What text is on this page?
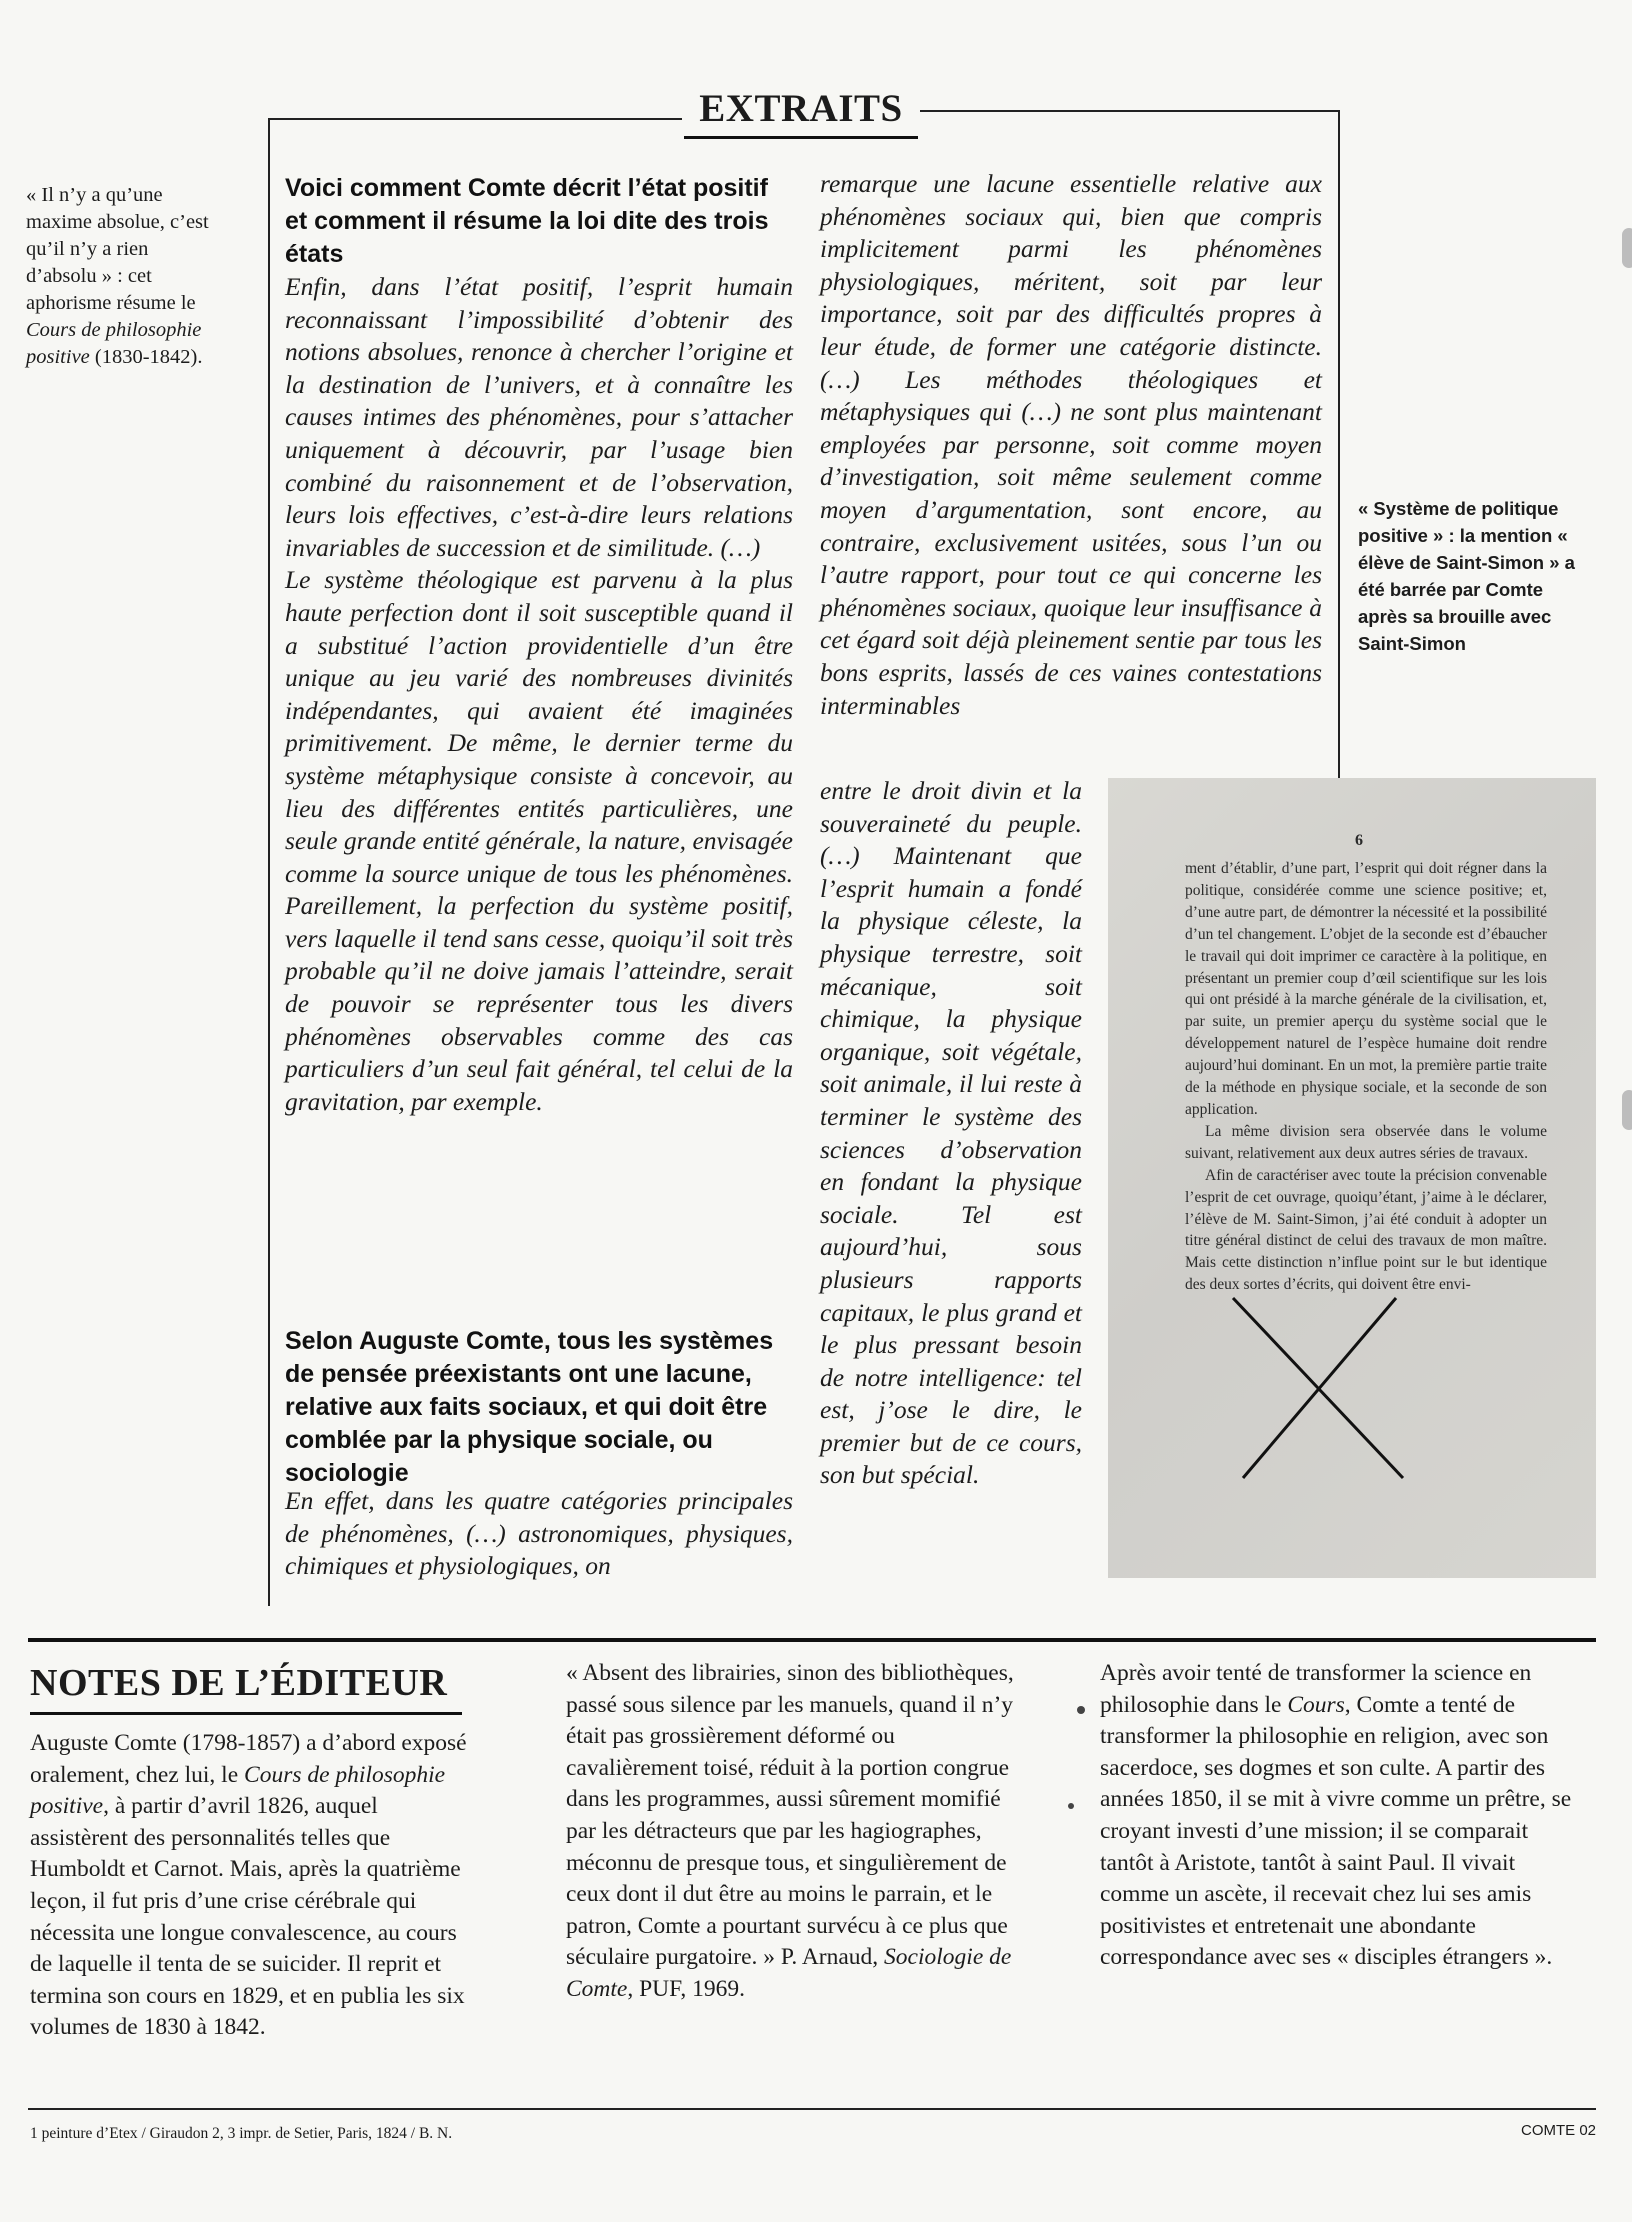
EXTRAITS
« Il n’y a qu’une
maxime absolue, c’est
qu’il n’y a rien
d’absolu » : cet
aphorisme résume le
Cours de philosophie positive (1830-1842).
« Système de politique positive » : la mention « élève de Saint-Simon » a été barrée par Comte après sa brouille avec Saint-Simon
Voici comment Comte décrit l’état positif et comment il résume la loi dite des trois états
Enfin, dans l’état positif, l’esprit humain reconnaissant l’impossibilité d’obtenir des notions absolues, renonce à chercher l’origine et la destination de l’univers, et à connaître les causes intimes des phénomènes, pour s’attacher uniquement à découvrir, par l’usage bien combiné du raisonnement et de l’observation, leurs lois effectives, c’est-à-dire leurs relations invariables de succession et de similitude. (…)
Le système théologique est parvenu à la plus haute perfection dont il soit susceptible quand il a substitué l’action providentielle d’un être unique au jeu varié des nombreuses divinités indépendantes, qui avaient été imaginées primitivement. De même, le dernier terme du système métaphysique consiste à concevoir, au lieu des différentes entités particulières, une seule grande entité générale, la nature, envisagée comme la source unique de tous les phénomènes. Pareillement, la perfection du système positif, vers laquelle il tend sans cesse, quoiqu’il soit très probable qu’il ne doive jamais l’atteindre, serait de pouvoir se représenter tous les divers phénomènes observables comme des cas particuliers d’un seul fait général, tel celui de la gravitation, par exemple.
Selon Auguste Comte, tous les systèmes de pensée préexistants ont une lacune, relative aux faits sociaux, et qui doit être comblée par la physique sociale, ou sociologie
En effet, dans les quatre catégories principales de phénomènes, (…) astronomiques, physiques, chimiques et physiologiques, on
remarque une lacune essentielle relative aux phénomènes sociaux qui, bien que compris implicitement parmi les phénomènes physiologiques, méritent, soit par leur importance, soit par des difficultés propres à leur étude, de former une catégorie distincte. (…) Les méthodes théologiques et métaphysiques qui (…) ne sont plus maintenant employées par personne, soit comme moyen d’investigation, soit même seulement comme moyen d’argumentation, sont encore, au contraire, exclusivement usitées, sous l’un ou l’autre rapport, pour tout ce qui concerne les phénomènes sociaux, quoique leur insuffisance à cet égard soit déjà pleinement sentie par tous les bons esprits, lassés de ces vaines contestations interminables
entre le droit divin et la souveraineté du peuple. (…) Maintenant que l’esprit humain a fondé la physique céleste, la physique terrestre, soit mécanique, soit chimique, la physique organique, soit végétale, soit animale, il lui reste à terminer le système des sciences d’observation en fondant la physique sociale. Tel est aujourd’hui, sous plusieurs rapports capitaux, le plus grand et le plus pressant besoin de notre intelligence: tel est, j’ose le dire, le premier but de ce cours, son but spécial.
6
ment d’établir, d’une part, l’esprit qui doit régner dans la politique, considérée comme une science positive; et, d’une autre part, de démontrer la nécessité et la possibilité d’un tel changement. L’objet de la seconde est d’ébaucher le travail qui doit imprimer ce caractère à la politique, en présentant un premier coup d’œil scientifique sur les lois qui ont présidé à la marche générale de la civilisation, et, par suite, un premier aperçu du système social que le développement naturel de l’espèce humaine doit rendre aujourd’hui dominant. En un mot, la première partie traite de la méthode en physique sociale, et la seconde de son application.
La même division sera observée dans le volume suivant, relativement aux deux autres séries de travaux.
Afin de caractériser avec toute la précision convenable l’esprit de cet ouvrage, quoiqu’étant, j’aime à le déclarer, l’élève de M. Saint-Simon, j’ai été conduit à adopter un titre général distinct de celui des travaux de mon maître. Mais cette distinction n’influe point sur le but identique des deux sortes d’écrits, qui doivent être envi-
NOTES DE L’ÉDITEUR
Auguste Comte (1798-1857) a d’abord exposé oralement, chez lui, le Cours de philosophie positive, à partir d’avril 1826, auquel assistèrent des personnalités telles que Humboldt et Carnot. Mais, après la quatrième leçon, il fut pris d’une crise cérébrale qui nécessita une longue convalescence, au cours de laquelle il tenta de se suicider. Il reprit et termina son cours en 1829, et en publia les six volumes de 1830 à 1842.
« Absent des librairies, sinon des bibliothèques, passé sous silence par les manuels, quand il n’y était pas grossièrement déformé ou cavalièrement toisé, réduit à la portion congrue dans les programmes, aussi sûrement momifié par les détracteurs que par les hagiographes, méconnu de presque tous, et singulièrement de ceux dont il dut être au moins le parrain, et le patron, Comte a pourtant survécu à ce plus que séculaire purgatoire. » P. Arnaud, Sociologie de Comte, PUF, 1969.
Après avoir tenté de transformer la science en philosophie dans le Cours, Comte a tenté de transformer la philosophie en religion, avec son sacerdoce, ses dogmes et son culte. A partir des années 1850, il se mit à vivre comme un prêtre, se croyant investi d’une mission; il se comparait tantôt à Aristote, tantôt à saint Paul. Il vivait comme un ascète, il recevait chez lui ses amis positivistes et entretenait une abondante correspondance avec ses « disciples étrangers ».
1 peinture d’Etex / Giraudon 2, 3 impr. de Setier, Paris, 1824 / B. N.	COMTE 02
